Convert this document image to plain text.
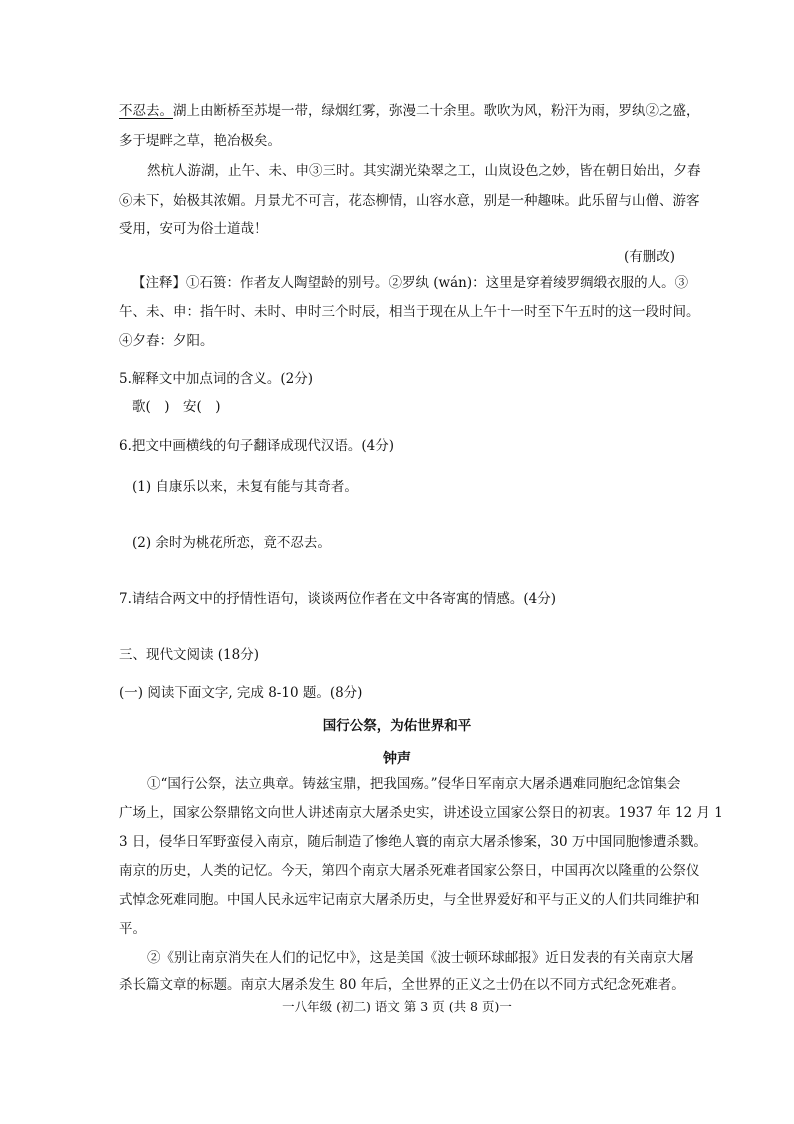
不忍去。湖上由断桥至苏堤一带，绿烟红雾，弥漫二十余里。歌吹为风，粉汗为雨，罗纨②之盛，
多于堤畔之草，艳冶极矣。
然杭人游湖，止午、未、申③三时。其实湖光染翠之工，山岚设色之妙，皆在朝日始出，夕舂
⑥未下，始极其浓媚。月景尤不可言，花态柳情，山容水意，别是一种趣味。此乐留与山僧、游客
受用，安可为俗士道哉！
(有删改)
【注释】①石篑：作者友人陶望龄的别号。②罗纨 (wán)：这里是穿着绫罗绸缎衣服的人。③
午、未、申：指午时、未时、申时三个时辰，相当于现在从上午十一时至下午五时的这一段时间。
④夕舂：夕阳。
5.解释文中加点词的含义。(2分)
歌(　)　安(　)
6.把文中画横线的句子翻译成现代汉语。(4分)
(1) 自康乐以来，未复有能与其奇者。
(2) 余时为桃花所恋，竟不忍去。
7.请结合两文中的抒情性语句，谈谈两位作者在文中各寄寓的情感。(4分)
三、现代文阅读 (18分)
(一) 阅读下面文字, 完成 8-10 题。(8分)
国行公祭，为佑世界和平
钟声
①“国行公祭，法立典章。铸兹宝鼎，把我国殇。”侵华日军南京大屠杀遇难同胞纪念馆集会
广场上，国家公祭鼎铭文向世人讲述南京大屠杀史实，讲述设立国家公祭日的初衷。1937 年 12 月 1
3 日，侵华日军野蛮侵入南京，随后制造了惨绝人寰的南京大屠杀惨案，30 万中国同胞惨遭杀戮。
南京的历史，人类的记忆。今天，第四个南京大屠杀死难者国家公祭日，中国再次以隆重的公祭仪
式悼念死难同胞。中国人民永远牢记南京大屠杀历史，与全世界爱好和平与正义的人们共同维护和
平。
②《别让南京消失在人们的记忆中》，这是美国《波士顿环球邮报》近日发表的有关南京大屠
杀长篇文章的标题。南京大屠杀发生 80 年后，全世界的正义之士仍在以不同方式纪念死难者。
一八年级 (初二) 语文 第 3 页 (共 8 页)一
